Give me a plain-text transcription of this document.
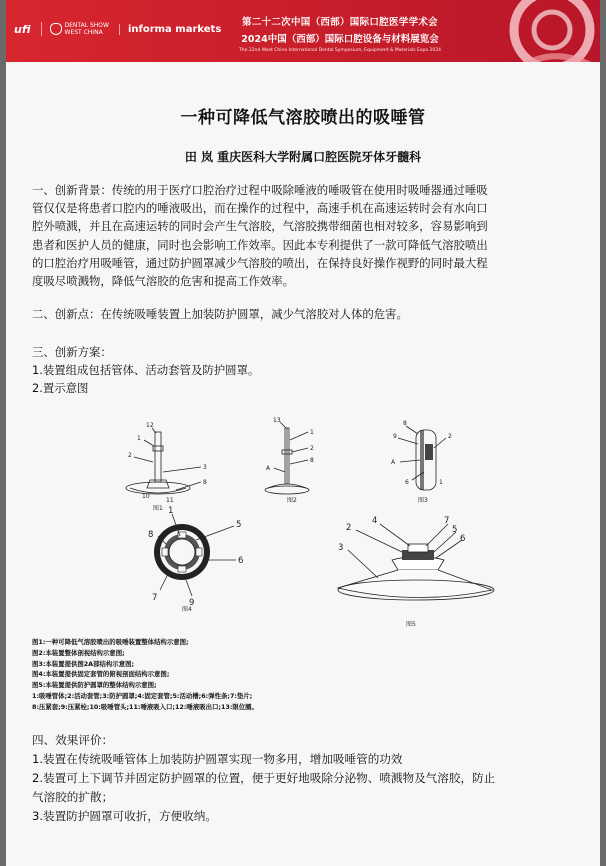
ufi	DENTAL SHOW
WEST CHINA	informa markets
第二十二次中国（西部）国际口腔医学学术会
2024中国（西部）国际口腔设备与材料展览会
The 22nd West China International Dental Symposium, Equipment & Materials Expo 2024
一种可降低气溶胶喷出的吸唾管
田 岚 重庆医科大学附属口腔医院牙体牙髓科
一、创新背景：传统的用于医疗口腔治疗过程中吸除唾液的唾吸管在使用时吸唾器通过唾吸
管仅仅是将患者口腔内的唾液吸出，而在操作的过程中，高速手机在高速运转时会有水向口
腔外喷溅，并且在高速运转的同时会产生气溶胶，气溶胶携带细菌也相对较多，容易影响到
患者和医护人员的健康，同时也会影响工作效率。因此本专利提供了一款可降低气溶胶喷出
的口腔治疗用吸唾管，通过防护圆罩减少气溶胶的喷出，在保持良好操作视野的同时最大程
度吸尽喷溅物，降低气溶胶的危害和提高工作效率。
二、创新点：在传统吸唾装置上加装防护圆罩，减少气溶胶对人体的危害。
三、创新方案：
1.装置组成包括管体、活动套管及防护圆罩。
2.置示意图
12
1
2
3
8
10
11
图1
13
1
2
8
A
图2
8
9	2
A
6	1
图3
1
8
5
6
7	9
图4
2
4	7
5
6
3
图5
图1:一种可降低气溶胶喷出的吸唾装置整体结构示意图;
图2:本装置整体剖视结构示意图;
图3:本装置提供图2A部结构示意图;
图4:本装置提供固定套管的俯视剖面结构示意图;
图5:本装置提供防护圆罩的整体结构示意图;
1:吸唾管体;2:活动套管;3:防护圆罩;4:固定套管;5:活动槽;6:弹性条;7:垫片;
8:压紧套;9:压紧栓;10:吸唾管头;11:唾液吸入口;12:唾液吸出口;13:限位圈。
四、效果评价：
1.装置在传统吸唾管体上加装防护圆罩实现一物多用，增加吸唾管的功效
2.装置可上下调节并固定防护圆罩的位置，便于更好地吸除分泌物、喷溅物及气溶胶，防止
气溶胶的扩散；
3.装置防护圆罩可收折，方便收纳。
